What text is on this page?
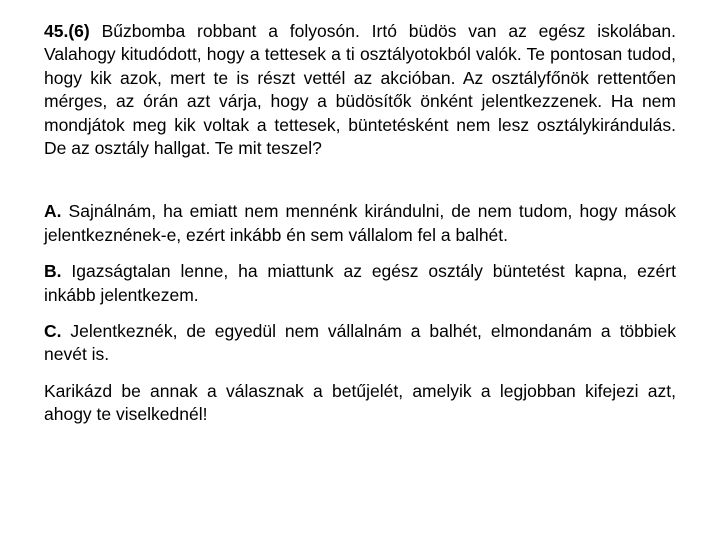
45.(6) Bűzbomba robbant a folyosón. Irtó büdös van az egész iskolában. Valahogy kitudódott, hogy a tettesek a ti osztályotokból valók. Te pontosan tudod, hogy kik azok, mert te is részt vettél az akcióban. Az osztályfőnök rettentően mérges, az órán azt várja, hogy a büdösítők önként jelentkezzenek. Ha nem mondjátok meg kik voltak a tettesek, büntetésként nem lesz osztálykirándulás. De az osztály hallgat. Te mit teszel?

A. Sajnálnám, ha emiatt nem mennénk kirándulni, de nem tudom, hogy mások jelentkeznének-e, ezért inkább én sem vállalom fel a balhét.

B. Igazságtalan lenne, ha miattunk az egész osztály büntetést kapna, ezért inkább jelentkezem.

C. Jelentkeznék, de egyedül nem vállalnám a balhét, elmondanám a többiek nevét is.

Karikázd be annak a válasznak a betűjelét, amelyik a legjobban kifejezi azt, ahogy te viselkednél!
